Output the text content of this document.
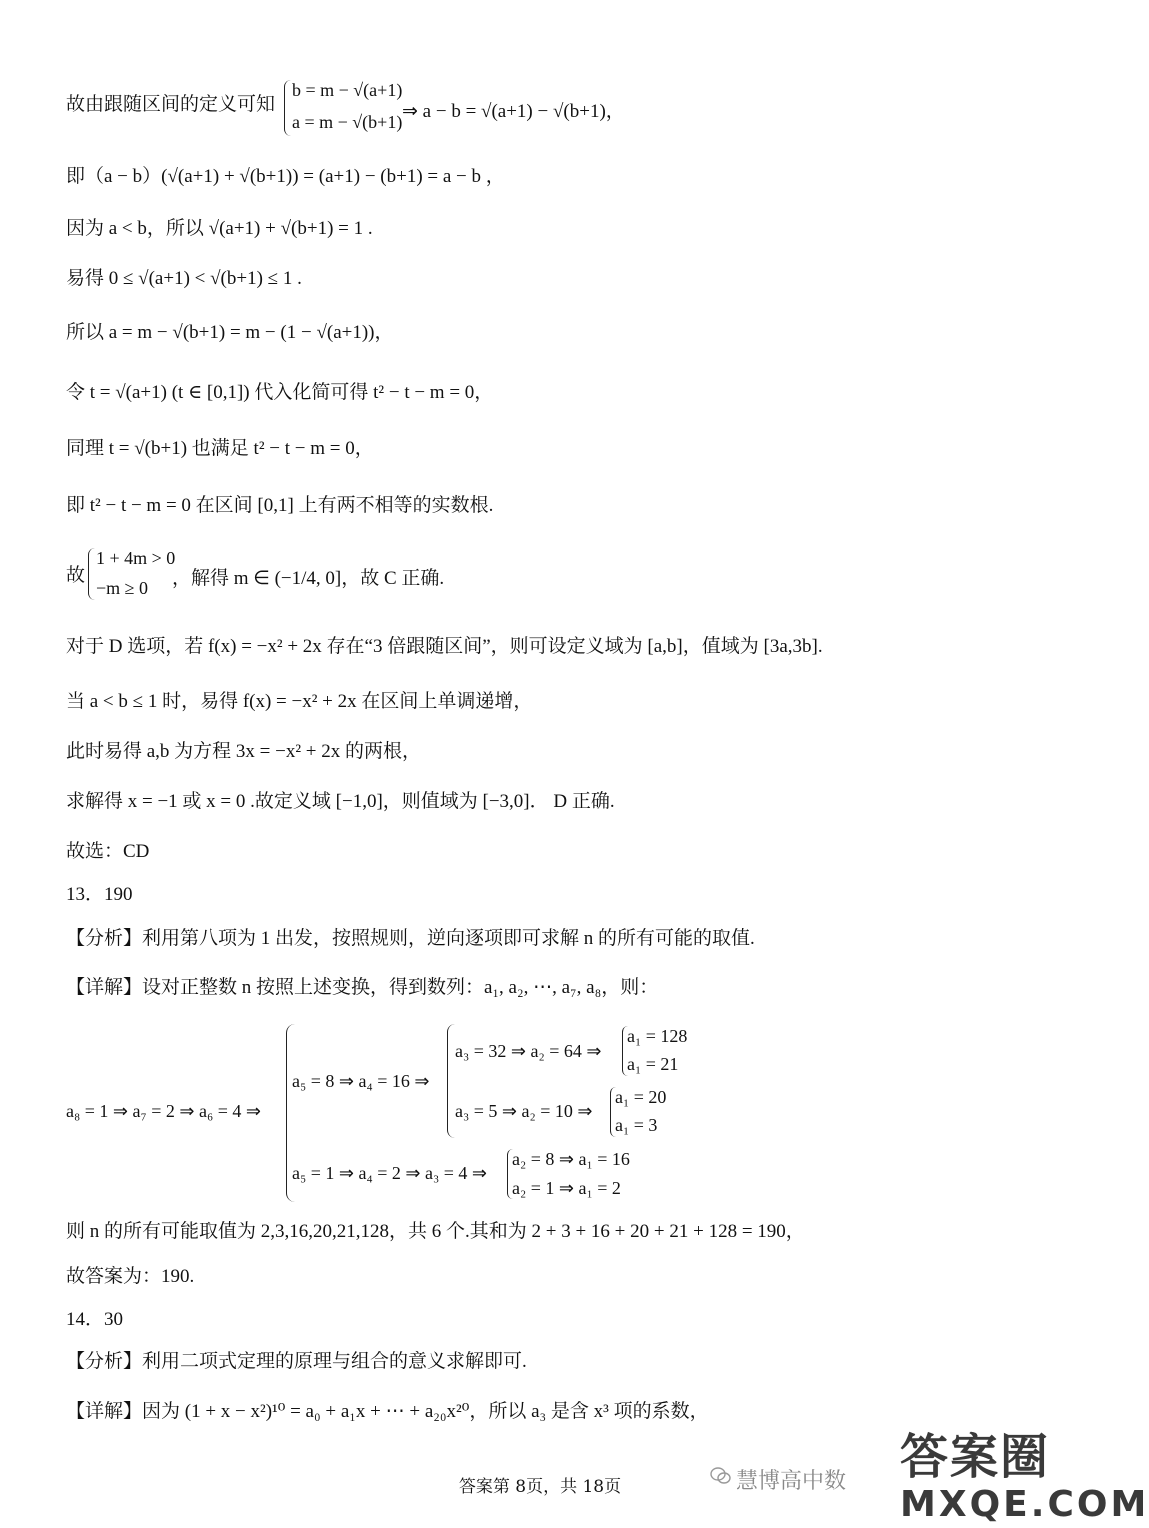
故由跟随区间的定义可知
b = m − √(a+1)
a = m − √(b+1) ⇒ a − b = √(a+1) − √(b+1)，
即（a − b）(√(a+1) + √(b+1)) = (a+1) − (b+1) = a − b ，
因为 a < b，所以 √(a+1) + √(b+1) = 1 .
易得 0 ≤ √(a+1) < √(b+1) ≤ 1 .
所以 a = m − √(b+1) = m − (1 − √(a+1))，
令 t = √(a+1) (t ∈ [0,1]) 代入化简可得 t² − t − m = 0，
同理 t = √(b+1) 也满足 t² − t − m = 0，
即 t² − t − m = 0 在区间 [0,1] 上有两不相等的实数根.
故
1 + 4m > 0
−m ≥ 0 ，解得 m ∈ (−1/4, 0]，故 C 正确.
对于 D 选项，若 f(x) = −x² + 2x 存在“3 倍跟随区间”，则可设定义域为 [a,b]，值域为 [3a,3b].
当 a < b ≤ 1 时，易得 f(x) = −x² + 2x 在区间上单调递增，
此时易得 a,b 为方程 3x = −x² + 2x 的两根，
求解得 x = −1 或 x = 0 .故定义域 [−1,0]，则值域为 [−3,0]． D 正确.
故选：CD
13．190
【分析】利用第八项为 1 出发，按照规则，逆向逐项即可求解 n 的所有可能的取值.
【详解】设对正整数 n 按照上述变换，得到数列：a₁, a₂, ⋯, a₇, a₈，则：
a₈ = 1 ⇒ a₇ = 2 ⇒ a₆ = 4 ⇒
a₅ = 8 ⇒ a₄ = 16 ⇒
a₃ = 32 ⇒ a₂ = 64 ⇒
a₁ = 128
a₁ = 21
a₃ = 5 ⇒ a₂ = 10 ⇒
a₁ = 20
a₁ = 3
a₅ = 1 ⇒ a₄ = 2 ⇒ a₃ = 4 ⇒
a₂ = 8 ⇒ a₁ = 16
a₂ = 1 ⇒ a₁ = 2
则 n 的所有可能取值为 2,3,16,20,21,128，共 6 个.其和为 2 + 3 + 16 + 20 + 21 + 128 = 190，
故答案为：190.
14．30
【分析】利用二项式定理的原理与组合的意义求解即可.
【详解】因为 (1 + x − x²)¹⁰ = a₀ + a₁x + ⋯ + a₂₀x²⁰，所以 a₃ 是含 x³ 项的系数，
答案第 8页，共 18页	慧博高中数 答案圈
MXQE.COM
